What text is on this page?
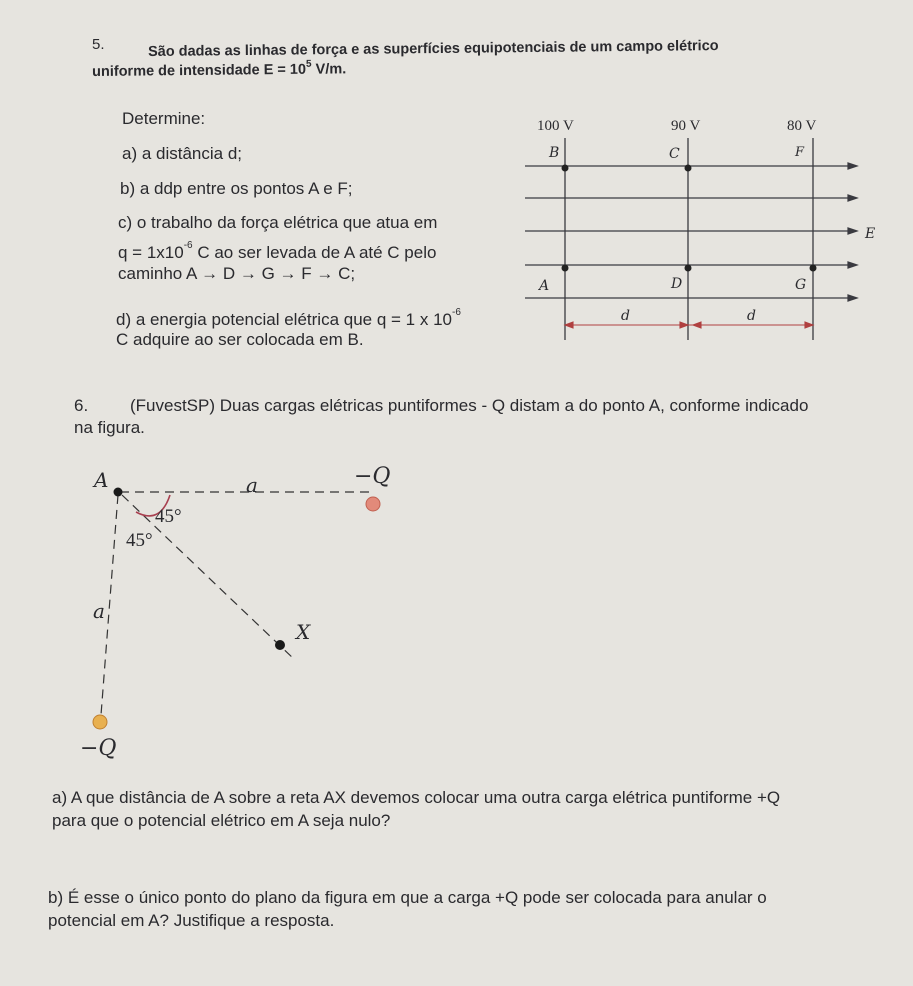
5.	São dadas as linhas de força e as superfícies equipotenciais de um campo elétrico
uniforme de intensidade $E = 10^5$ V/m.
Determine:
a) a distância d;
b) a ddp entre os pontos A e F;
c) o trabalho da força elétrica que atua em
$q = 1x10^{-6}$ C ao ser levada de A até C pelo
caminho A → D → G → F → C;
d) a energia potencial elétrica que q = 1 x $10^{-6}$
C adquire ao ser colocada em B.
100 V	90 V	80 V
E
B	C	F
A	D	G
d	d
6. (FuvestSP) Duas cargas elétricas puntiformes - Q distam a do ponto A, conforme indicado
na figura.
A	a	−Q
45°
45°
a
X
−Q
a) A que distância de A sobre a reta AX devemos colocar uma outra carga elétrica puntiforme +Q
para que o potencial elétrico em A seja nulo?
b) É esse o único ponto do plano da figura em que a carga +Q pode ser colocada para anular o
potencial em A? Justifique a resposta.
